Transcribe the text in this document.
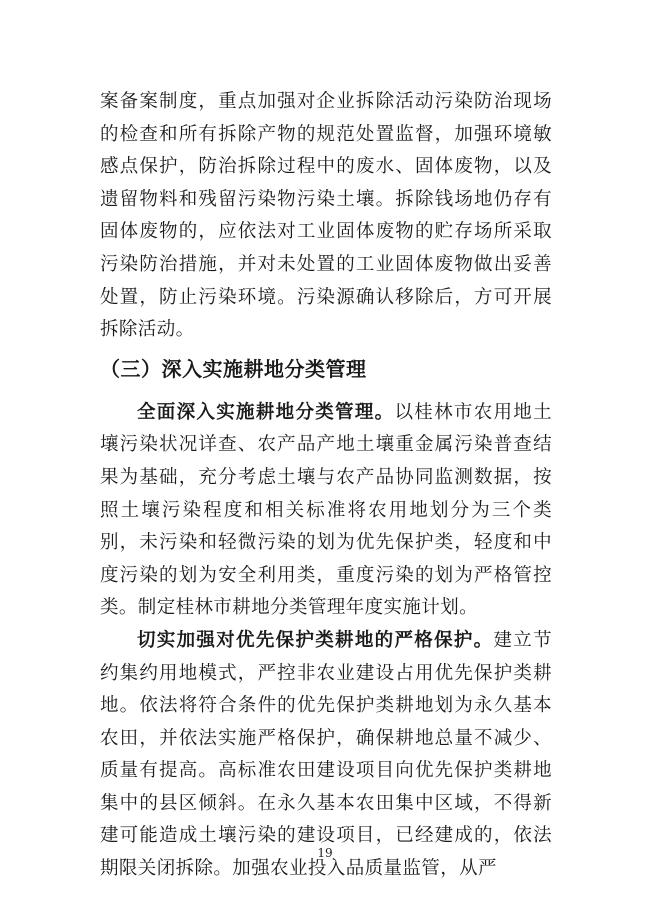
案备案制度，重点加强对企业拆除活动污染防治现场的检查和所有拆除产物的规范处置监督，加强环境敏感点保护，防治拆除过程中的废水、固体废物，以及遗留物料和残留污染物污染土壤。拆除钱场地仍存有固体废物的，应依法对工业固体废物的贮存场所采取污染防治措施，并对未处置的工业固体废物做出妥善处置，防止污染环境。污染源确认移除后，方可开展拆除活动。

（三）深入实施耕地分类管理

全面深入实施耕地分类管理。以桂林市农用地土壤污染状况详查、农产品产地土壤重金属污染普查结果为基础，充分考虑土壤与农产品协同监测数据，按照土壤污染程度和相关标准将农用地划分为三个类别，未污染和轻微污染的划为优先保护类，轻度和中度污染的划为安全利用类，重度污染的划为严格管控类。制定桂林市耕地分类管理年度实施计划。

切实加强对优先保护类耕地的严格保护。建立节约集约用地模式，严控非农业建设占用优先保护类耕地。依法将符合条件的优先保护类耕地划为永久基本农田，并依法实施严格保护，确保耕地总量不减少、质量有提高。高标准农田建设项目向优先保护类耕地集中的县区倾斜。在永久基本农田集中区域，不得新建可能造成土壤污染的建设项目，已经建成的，依法期限关闭拆除。加强农业投入品质量监管，从严

19
